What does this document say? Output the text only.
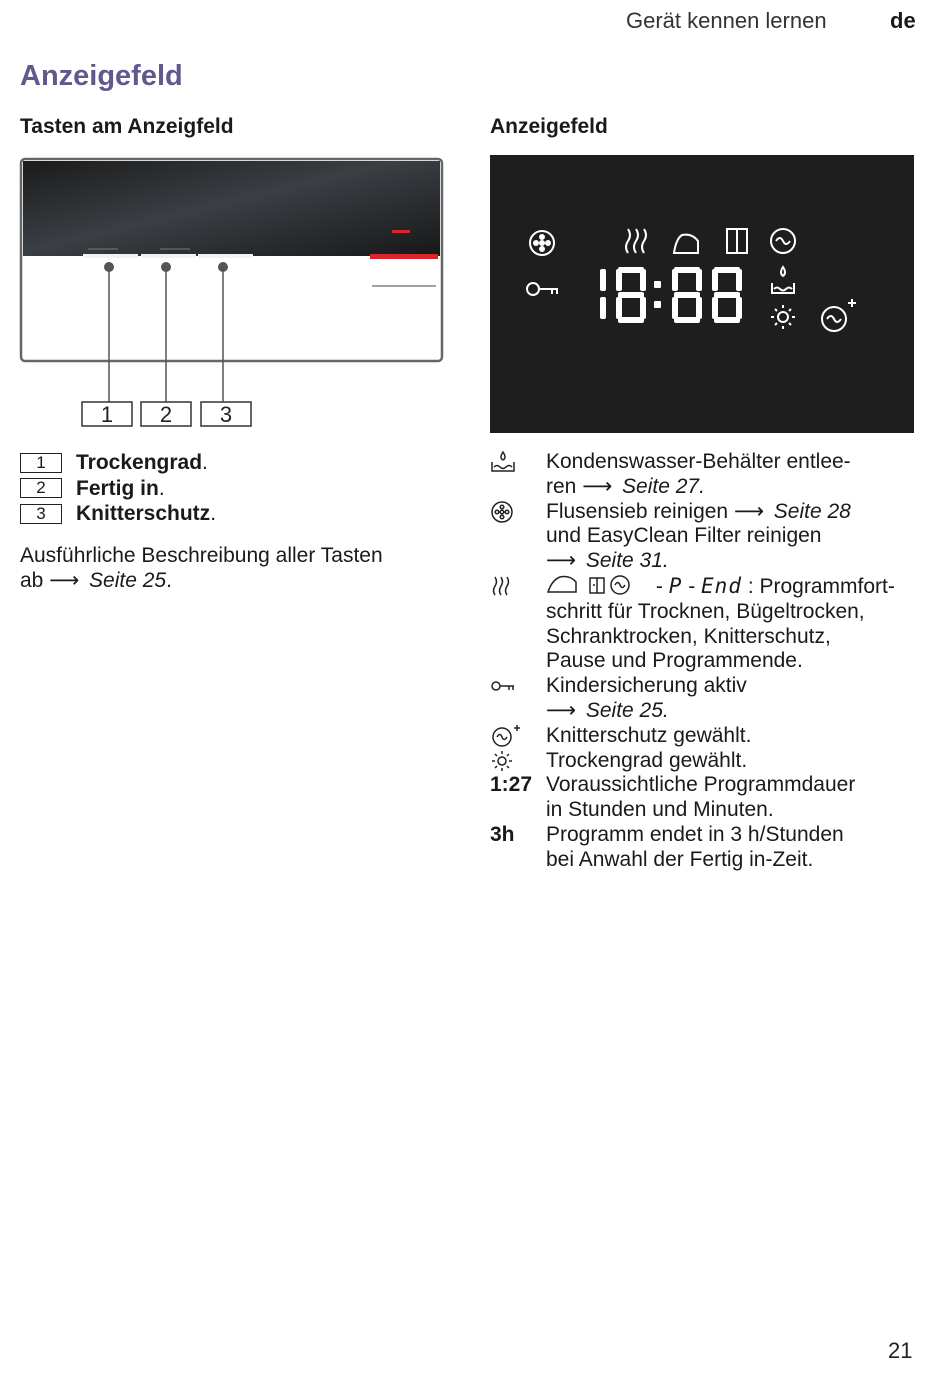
Gerät kennen lernen	de
Anzeigefeld
Tasten am Anzeigfeld	Anzeigefeld
1 2 3
1	Trockengrad .
2	Fertig in .
3	Knitterschutz .
Ausführliche Beschreibung aller Tasten
ab ⟶ Seite 25.
Kondenswasser-Behälter entlee-
ren ⟶ Seite 27.
Flusensieb reinigen ⟶ Seite 28
und EasyClean Filter reinigen
⟶ Seite 31.
- P - End : Programmfort-
schritt für Trocknen, Bügeltrocken,
Schranktrocken, Knitterschutz,
Pause und Programmende.
Kindersicherung aktiv
⟶ Seite 25.
Knitterschutz gewählt.
Trockengrad gewählt.
1:27 Voraussichtliche Programmdauer
in Stunden und Minuten.
3h	Programm endet in 3 h/Stunden
bei Anwahl der Fertig in-Zeit.
21
